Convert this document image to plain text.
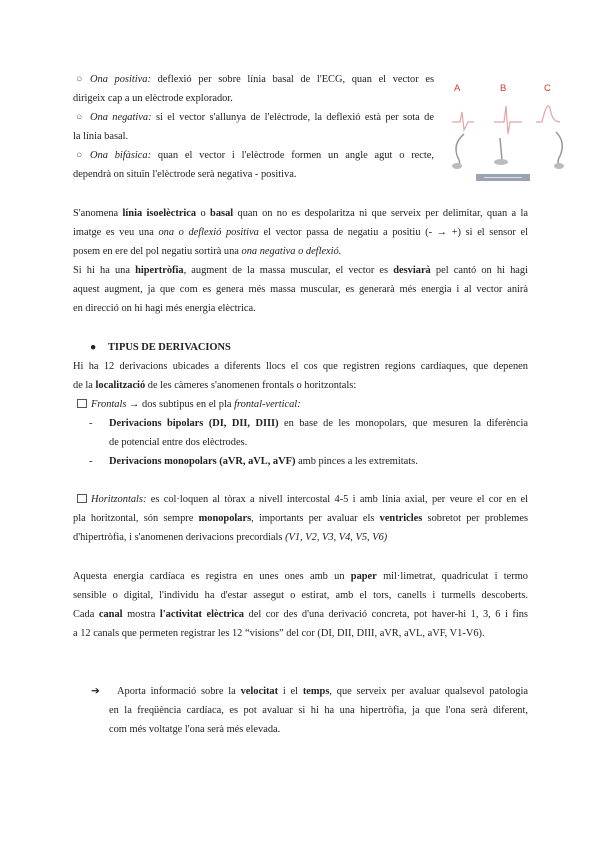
○ Ona positiva: deflexió per sobre línia basal de l'ECG, quan el vector es
dirigeix cap a un elèctrode explorador.
○ Ona negativa: si el vector s'allunya de l'elèctrode, la deflexió està per sota de
la línia basal.
○ Ona bifàsica: quan el vector i l'elèctrode formen un angle agut o recte,
dependrà on situïn l'elèctrode serà negativa - positiva.
A	B	C
S'anomena línia isoelèctrica o basal quan on no es despolaritza ni que serveix per delimitar, quan a la
imatge es veu una ona o deflexió positiva el vector passa de negatiu a positiu (- → +) si el sensor el
posem en ere del pol negatiu sortirà una ona negativa o deflexió.
Si hi ha una hipertròfia, augment de la massa muscular, el vector es desviarà pel cantó on hi hagi
aquest augment, ja que com es genera més massa muscular, es generarà més energia i al vector anirà
en direcció on hi hagi més energia elèctrica.
● TIPUS DE DERIVACIONS
Hi ha 12 derivacions ubicades a diferents llocs el cos que registren regions cardíaques, que depenen
de la localització de les càmeres s'anomenen frontals o horitzontals:
Frontals → dos subtipus en el pla frontal-vertical:
- Derivacions bipolars (DI, DII, DIII) en base de les monopolars, que mesuren la diferència
de potencial entre dos elèctrodes.
- Derivacions monopolars (aVR, aVL, aVF) amb pinces a les extremitats.
Horitzontals: es col·loquen al tòrax a nivell intercostal 4-5 i amb línia axial, per veure el cor en el
pla horitzontal, són sempre monopolars, importants per avaluar els ventricles sobretot per problemes
d'hipertròfia, i s'anomenen derivacions precordials (V1, V2, V3, V4, V5, V6)
Aquesta energia cardíaca es registra en unes ones amb un paper mil·limetrat, quadriculat i termo
sensible o digital, l'individu ha d'estar assegut o estirat, amb el tors, canells i turmells descoberts.
Cada canal mostra l'activitat elèctrica del cor des d'una derivació concreta, pot haver-hi 1, 3, 6 i fins
a 12 canals que permeten registrar les 12 “visions” del cor (DI, DII, DIII, aVR, aVL, aVF, V1-V6).
➔ Aporta informació sobre la velocitat i el temps, que serveix per avaluar qualsevol patologia
en la freqüència cardíaca, es pot avaluar si hi ha una hipertròfia, ja que l'ona serà diferent,
com més voltatge l'ona serà més elevada.
